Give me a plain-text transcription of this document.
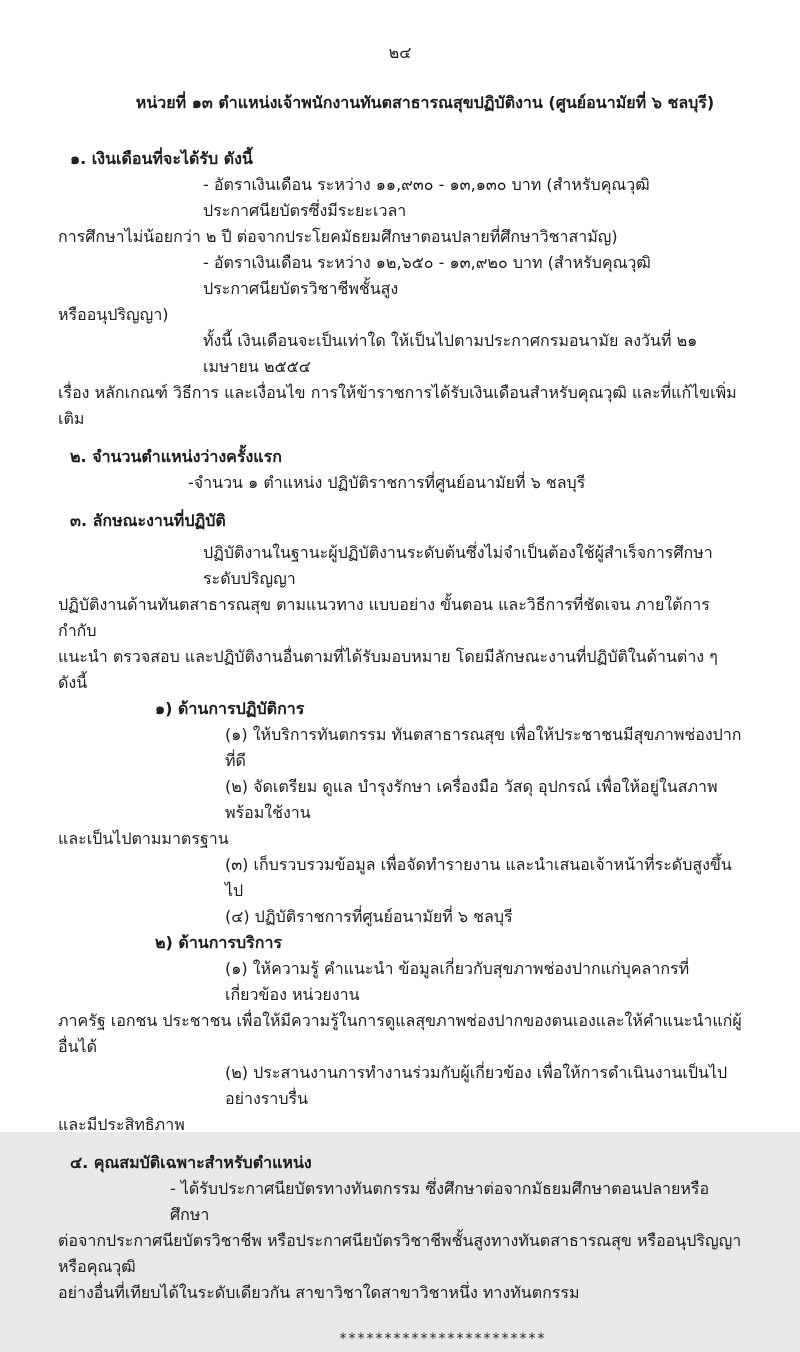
๒๔
หน่วยที่ ๑๓ ตำแหน่งเจ้าพนักงานทันตสาธารณสุขปฏิบัติงาน (ศูนย์อนามัยที่ ๖ ชลบุรี)
๑. เงินเดือนที่จะได้รับ ดังนี้
- อัตราเงินเดือน ระหว่าง ๑๑,๙๓๐ - ๑๓,๑๓๐ บาท (สำหรับคุณวุฒิประกาศนียบัตรซึ่งมีระยะเวลา
การศึกษาไม่น้อยกว่า ๒ ปี ต่อจากประโยคมัธยมศึกษาตอนปลายที่ศึกษาวิชาสามัญ)
- อัตราเงินเดือน ระหว่าง ๑๒,๖๕๐ - ๑๓,๙๒๐ บาท (สำหรับคุณวุฒิประกาศนียบัตรวิชาชีพชั้นสูง
หรืออนุปริญญา)
ทั้งนี้ เงินเดือนจะเป็นเท่าใด ให้เป็นไปตามประกาศกรมอนามัย ลงวันที่ ๒๑ เมษายน ๒๕๕๔
เรื่อง หลักเกณฑ์ วิธีการ และเงื่อนไข การให้ข้าราชการได้รับเงินเดือนสำหรับคุณวุฒิ และที่แก้ไขเพิ่มเติม
๒. จำนวนตำแหน่งว่างครั้งแรก
-จำนวน ๑ ตำแหน่ง ปฏิบัติราชการที่ศูนย์อนามัยที่ ๖ ชลบุรี
๓. ลักษณะงานที่ปฏิบัติ
ปฏิบัติงานในฐานะผู้ปฏิบัติงานระดับต้นซึ่งไม่จำเป็นต้องใช้ผู้สำเร็จการศึกษาระดับปริญญา
ปฏิบัติงานด้านทันตสาธารณสุข ตามแนวทาง แบบอย่าง ขั้นตอน และวิธีการที่ชัดเจน ภายใต้การกำกับ
แนะนำ ตรวจสอบ และปฏิบัติงานอื่นตามที่ได้รับมอบหมาย โดยมีลักษณะงานที่ปฏิบัติในด้านต่าง ๆ ดังนี้
๑) ด้านการปฏิบัติการ
(๑) ให้บริการทันตกรรม ทันตสาธารณสุข เพื่อให้ประชาชนมีสุขภาพช่องปากที่ดี
(๒) จัดเตรียม ดูแล บำรุงรักษา เครื่องมือ วัสดุ อุปกรณ์ เพื่อให้อยู่ในสภาพพร้อมใช้งาน
และเป็นไปตามมาตรฐาน
(๓) เก็บรวบรวมข้อมูล เพื่อจัดทำรายงาน และนำเสนอเจ้าหน้าที่ระดับสูงขึ้นไป
(๔) ปฏิบัติราชการที่ศูนย์อนามัยที่ ๖ ชลบุรี
๒) ด้านการบริการ
(๑) ให้ความรู้ คำแนะนำ ข้อมูลเกี่ยวกับสุขภาพช่องปากแก่บุคลากรที่เกี่ยวข้อง หน่วยงาน
ภาครัฐ เอกชน ประชาชน เพื่อให้มีความรู้ในการดูแลสุขภาพช่องปากของตนเองและให้คำแนะนำแก่ผู้อื่นได้
(๒) ประสานงานการทำงานร่วมกับผู้เกี่ยวข้อง เพื่อให้การดำเนินงานเป็นไปอย่างราบรื่น
และมีประสิทธิภาพ
๔. คุณสมบัติเฉพาะสำหรับตำแหน่ง
- ได้รับประกาศนียบัตรทางทันตกรรม ซึ่งศึกษาต่อจากมัธยมศึกษาตอนปลายหรือศึกษา
ต่อจากประกาศนียบัตรวิชาชีพ หรือประกาศนียบัตรวิชาชีพชั้นสูงทางทันตสาธารณสุข หรืออนุปริญญาหรือคุณวุฒิ
อย่างอื่นที่เทียบได้ในระดับเดียวกัน สาขาวิชาใดสาขาวิชาหนึ่ง ทางทันตกรรม
***********************
